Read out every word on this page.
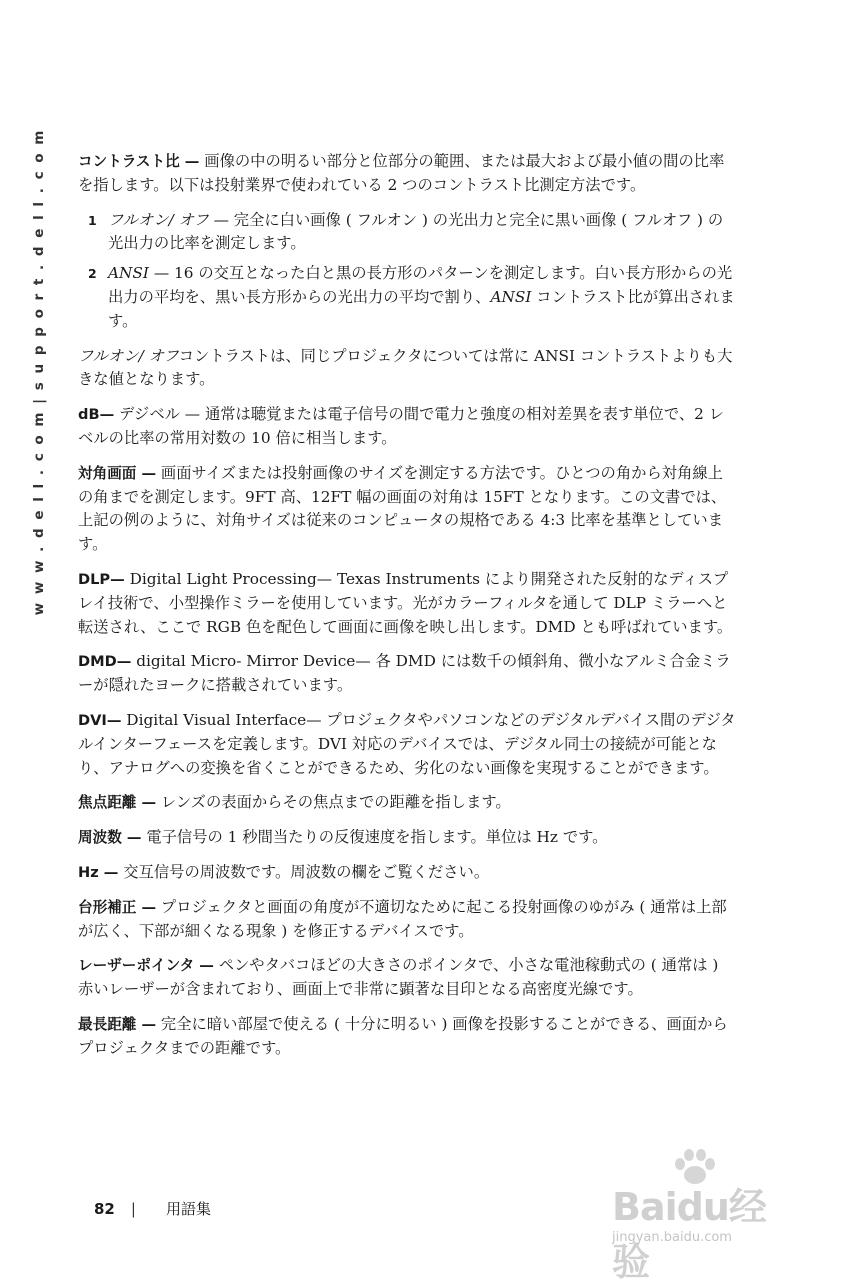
w w w . d e l l . c o m | s u p p o r t . d e l l . c o m コントラスト比 — 画像の中の明るい部分と位部分の範囲、または最大および最小値の間の比率を指します。以下は投射業界で使われている 2 つのコントラスト比測定方法です。

1 フルオン/ オフ — 完全に白い画像 ( フルオン ) の光出力と完全に黒い画像 ( フルオフ ) の光出力の比率を測定します。
2 ANSI — 16 の交互となった白と黒の長方形のパターンを測定します。白い長方形からの光出力の平均を、黒い長方形からの光出力の平均で割り、ANSI コントラスト比が算出されます。

フルオン/ オフコントラストは、同じプロジェクタについては常に ANSI コントラストよりも大きな値となります。

dB— デジベル — 通常は聴覚または電子信号の間で電力と強度の相対差異を表す単位で、2 レベルの比率の常用対数の 10 倍に相当します。

対角画面 — 画面サイズまたは投射画像のサイズを測定する方法です。ひとつの角から対角線上の角までを測定します。9FT 高、12FT 幅の画面の対角は 15FT となります。この文書では、上記の例のように、対角サイズは従来のコンピュータの規格である 4:3 比率を基準としています。

DLP— Digital Light Processing— Texas Instruments により開発された反射的なディスプレイ技術で、小型操作ミラーを使用しています。光がカラーフィルタを通して DLP ミラーへと転送され、ここで RGB 色を配色して画面に画像を映し出します。DMD とも呼ばれています。

DMD— digital Micro- Mirror Device— 各 DMD には数千の傾斜角、微小なアルミ合金ミラーが隠れたヨークに搭載されています。

DVI— Digital Visual Interface— プロジェクタやパソコンなどのデジタルデバイス間のデジタルインターフェースを定義します。DVI 対応のデバイスでは、デジタル同士の接続が可能となり、アナログへの変換を省くことができるため、劣化のない画像を実現することができます。

焦点距離 — レンズの表面からその焦点までの距離を指します。

周波数 — 電子信号の 1 秒間当たりの反復速度を指します。単位は Hz です。

Hz — 交互信号の周波数です。周波数の欄をご覧ください。

台形補正 — プロジェクタと画面の角度が不適切なために起こる投射画像のゆがみ ( 通常は上部が広く、下部が細くなる現象 ) を修正するデバイスです。

レーザーポインタ — ペンやタバコほどの大きさのポインタで、小さな電池稼動式の ( 通常は ) 赤いレーザーが含まれており、画面上で非常に顕著な目印となる高密度光線です。

最長距離 — 完全に暗い部屋で使える ( 十分に明るい ) 画像を投影することができる、画面からプロジェクタまでの距離です。

82 | 用語集	Baidu经验
jingyan.baidu.com
